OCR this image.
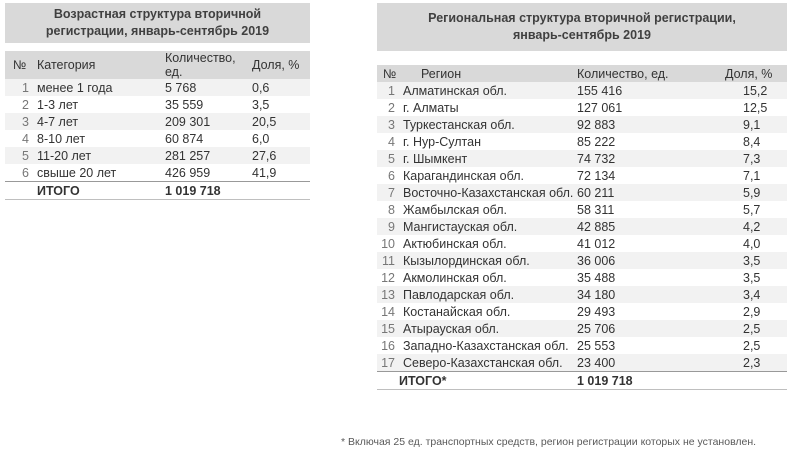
Возрастная структура вторичной
регистрации, январь-сентябрь 2019
№	Категория	Количество, ед.	Доля, %
1	менее 1 года	5 768	0,6
2	1-3 лет	35 559	3,5
3	4-7 лет	209 301	20,5
4	8-10 лет	60 874	6,0
5	11-20 лет	281 257	27,6
6	свыше 20 лет	426 959	41,9
	ИТОГО	1 019 718	
Региональная структура вторичной регистрации,
январь-сентябрь 2019
№	Регион	Количество, ед.	Доля, %
1	Алматинская обл.	155 416	15,2
2	г. Алматы	127 061	12,5
3	Туркестанская обл.	92 883	9,1
4	г. Нур-Султан	85 222	8,4
5	г. Шымкент	74 732	7,3
6	Карагандинская обл.	72 134	7,1
7	Восточно-Казахстанская обл.	60 211	5,9
8	Жамбылская обл.	58 311	5,7
9	Мангистауская обл.	42 885	4,2
10	Актюбинская обл.	41 012	4,0
11	Кызылординская обл.	36 006	3,5
12	Акмолинская обл.	35 488	3,5
13	Павлодарская обл.	34 180	3,4
14	Костанайская обл.	29 493	2,9
15	Атырауская обл.	25 706	2,5
16	Западно-Казахстанская обл.	25 553	2,5
17	Северо-Казахстанская обл.	23 400	2,3
	ИТОГО*	1 019 718	
* Включая 25 ед. транспортных средств, регион регистрации которых не установлен.
